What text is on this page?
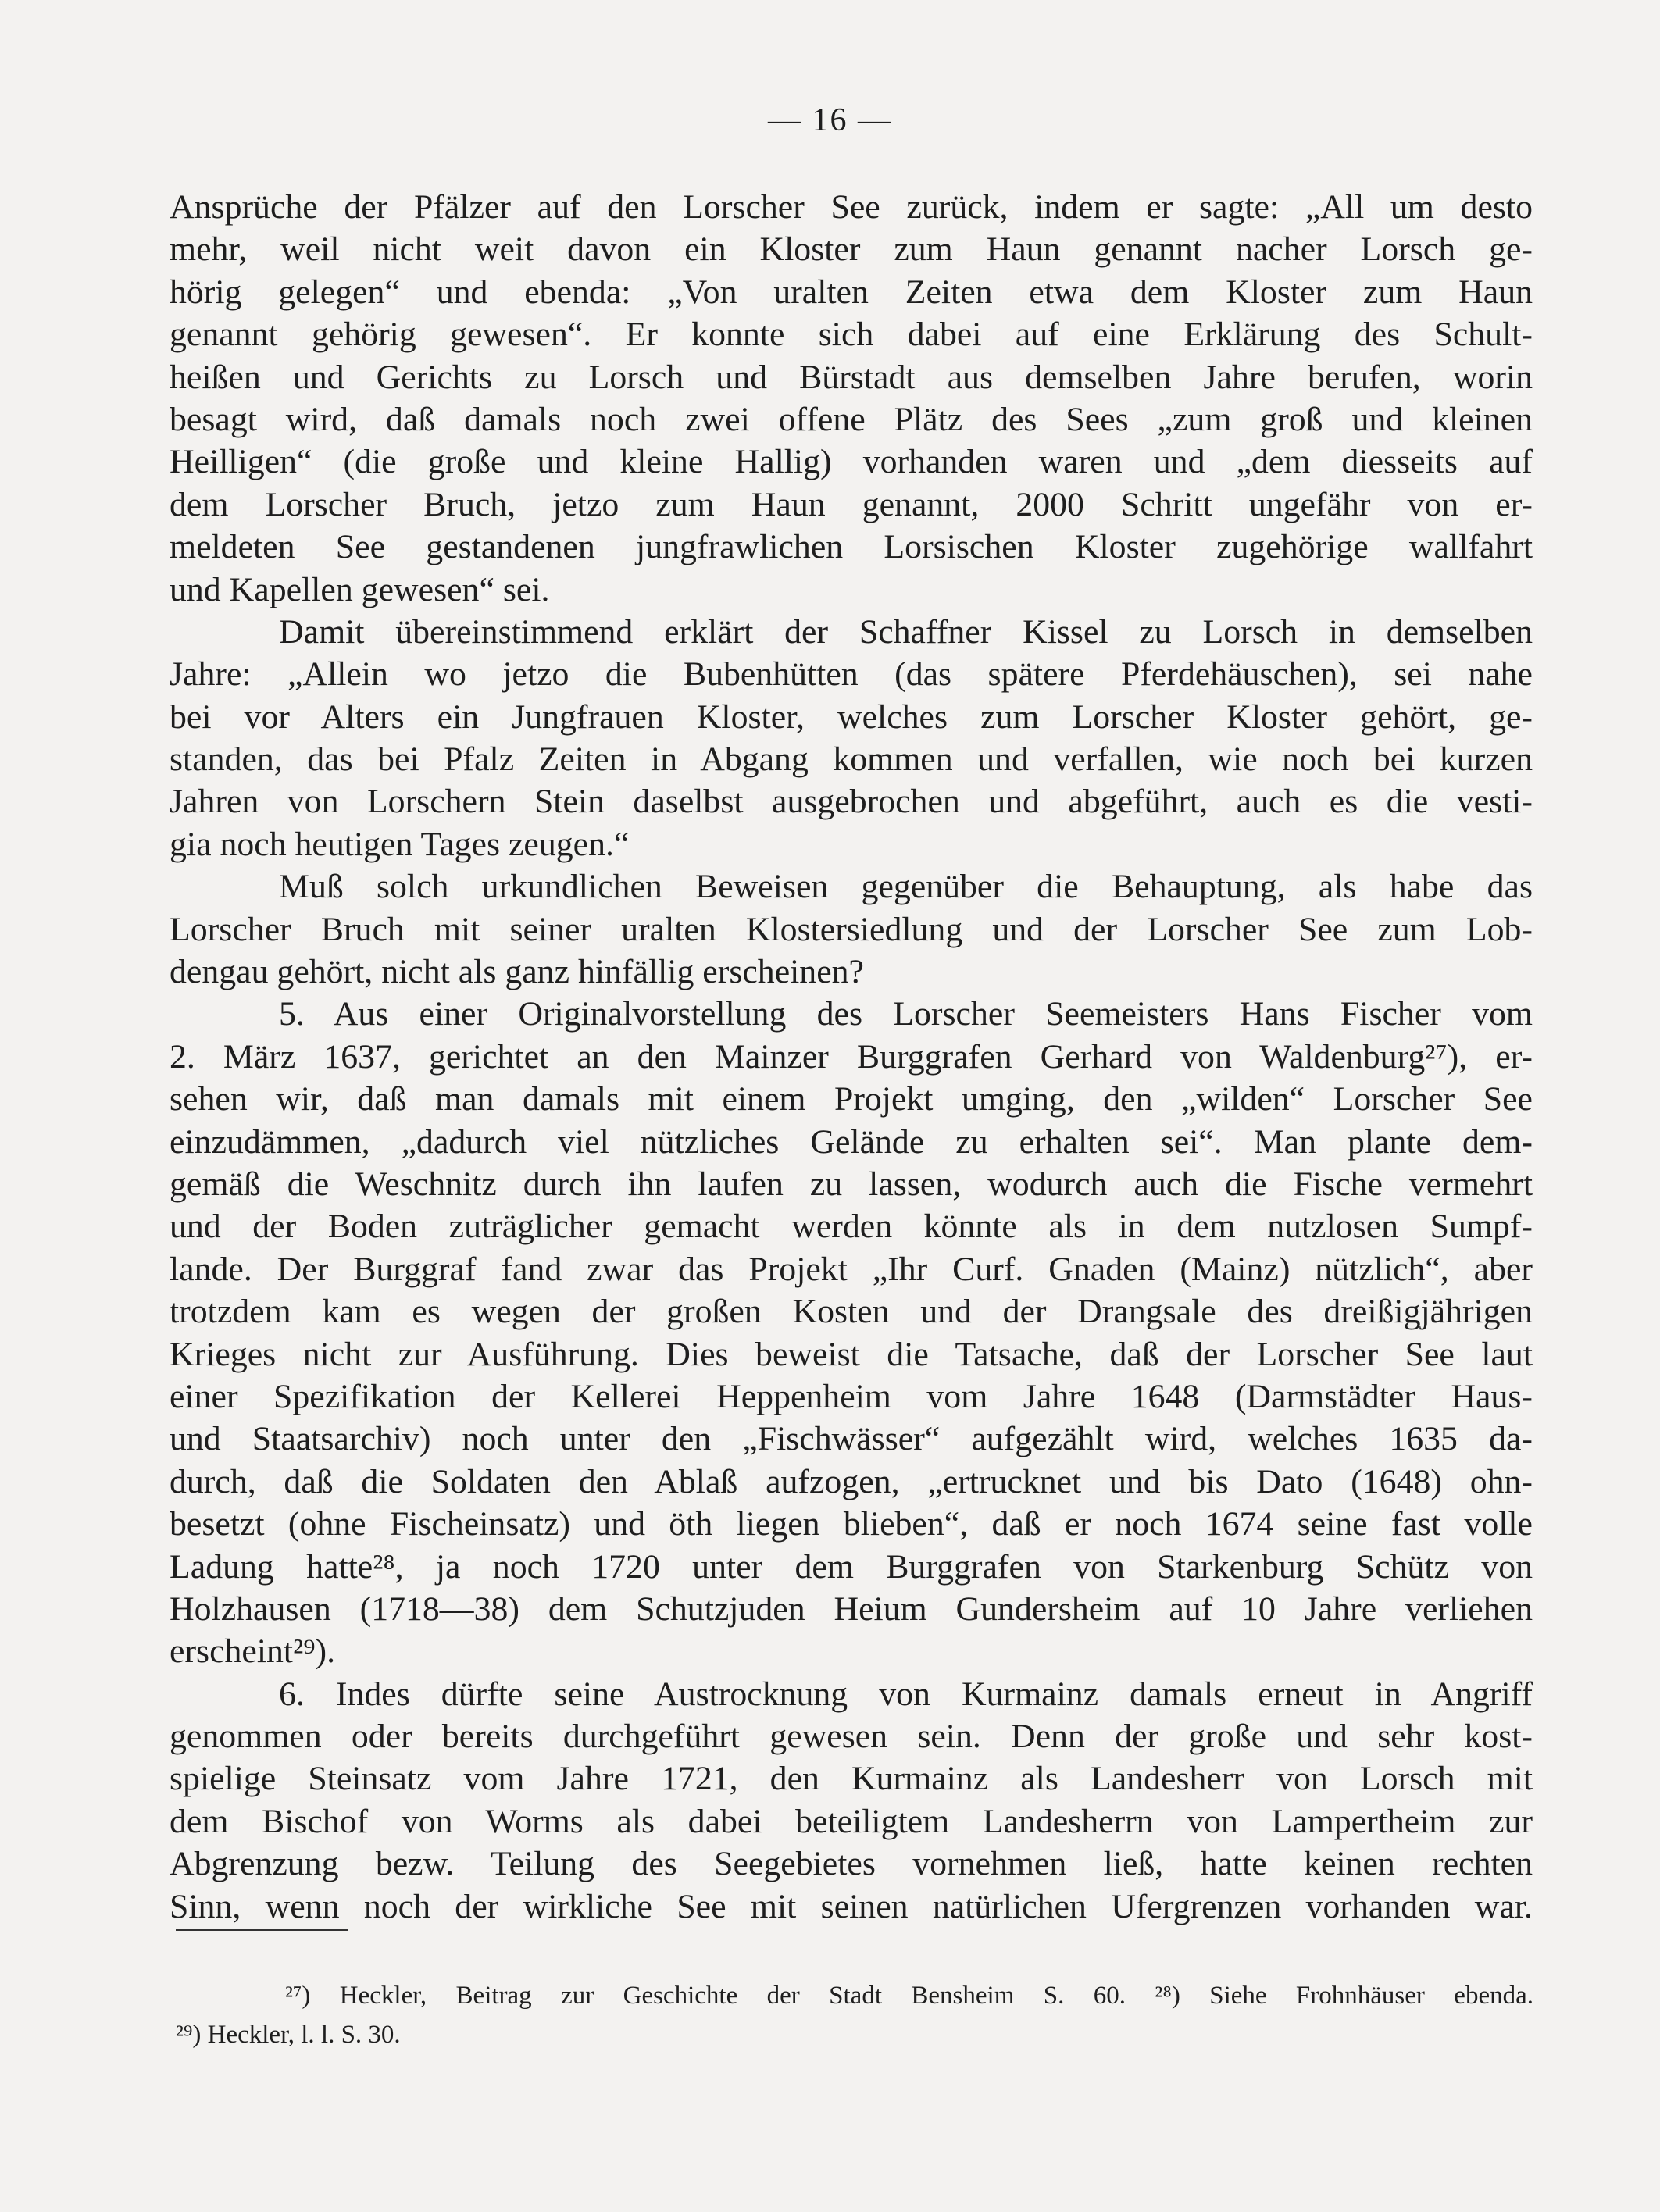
— 16 —
Ansprüche der Pfälzer auf den Lorscher See zurück, indem er sagte: „All um desto
mehr, weil nicht weit davon ein Kloster zum Haun genannt nacher Lorsch ge-
hörig gelegen“ und ebenda: „Von uralten Zeiten etwa dem Kloster zum Haun
genannt gehörig gewesen“. Er konnte sich dabei auf eine Erklärung des Schult-
heißen und Gerichts zu Lorsch und Bürstadt aus demselben Jahre berufen, worin
besagt wird, daß damals noch zwei offene Plätz des Sees „zum groß und kleinen
Heilligen“ (die große und kleine Hallig) vorhanden waren und „dem diesseits auf
dem Lorscher Bruch, jetzo zum Haun genannt, 2000 Schritt ungefähr von er-
meldeten See gestandenen jungfrawlichen Lorsischen Kloster zugehörige wallfahrt
und Kapellen gewesen“ sei.
Damit übereinstimmend erklärt der Schaffner Kissel zu Lorsch in demselben
Jahre: „Allein wo jetzo die Bubenhütten (das spätere Pferdehäuschen), sei nahe
bei vor Alters ein Jungfrauen Kloster, welches zum Lorscher Kloster gehört, ge-
standen, das bei Pfalz Zeiten in Abgang kommen und verfallen, wie noch bei kurzen
Jahren von Lorschern Stein daselbst ausgebrochen und abgeführt, auch es die vesti-
gia noch heutigen Tages zeugen.“
Muß solch urkundlichen Beweisen gegenüber die Behauptung, als habe das
Lorscher Bruch mit seiner uralten Klostersiedlung und der Lorscher See zum Lob-
dengau gehört, nicht als ganz hinfällig erscheinen?
5. Aus einer Originalvorstellung des Lorscher Seemeisters Hans Fischer vom
2. März 1637, gerichtet an den Mainzer Burggrafen Gerhard von Waldenburg²⁷), er-
sehen wir, daß man damals mit einem Projekt umging, den „wilden“ Lorscher See
einzudämmen, „dadurch viel nützliches Gelände zu erhalten sei“. Man plante dem-
gemäß die Weschnitz durch ihn laufen zu lassen, wodurch auch die Fische vermehrt
und der Boden zuträglicher gemacht werden könnte als in dem nutzlosen Sumpf-
lande. Der Burggraf fand zwar das Projekt „Ihr Curf. Gnaden (Mainz) nützlich“, aber
trotzdem kam es wegen der großen Kosten und der Drangsale des dreißigjährigen
Krieges nicht zur Ausführung. Dies beweist die Tatsache, daß der Lorscher See laut
einer Spezifikation der Kellerei Heppenheim vom Jahre 1648 (Darmstädter Haus-
und Staatsarchiv) noch unter den „Fischwässer“ aufgezählt wird, welches 1635 da-
durch, daß die Soldaten den Ablaß aufzogen, „ertrucknet und bis Dato (1648) ohn-
besetzt (ohne Fischeinsatz) und öth liegen blieben“, daß er noch 1674 seine fast volle
Ladung hatte²⁸, ja noch 1720 unter dem Burggrafen von Starkenburg Schütz von
Holzhausen (1718—38) dem Schutzjuden Heium Gundersheim auf 10 Jahre verliehen
erscheint²⁹).
6. Indes dürfte seine Austrocknung von Kurmainz damals erneut in Angriff
genommen oder bereits durchgeführt gewesen sein. Denn der große und sehr kost-
spielige Steinsatz vom Jahre 1721, den Kurmainz als Landesherr von Lorsch mit
dem Bischof von Worms als dabei beteiligtem Landesherrn von Lampertheim zur
Abgrenzung bezw. Teilung des Seegebietes vornehmen ließ, hatte keinen rechten
Sinn, wenn noch der wirkliche See mit seinen natürlichen Ufergrenzen vorhanden war.
²⁷) Heckler, Beitrag zur Geschichte der Stadt Bensheim S. 60. ²⁸) Siehe Frohnhäuser ebenda.
²⁹) Heckler, l. l. S. 30.
